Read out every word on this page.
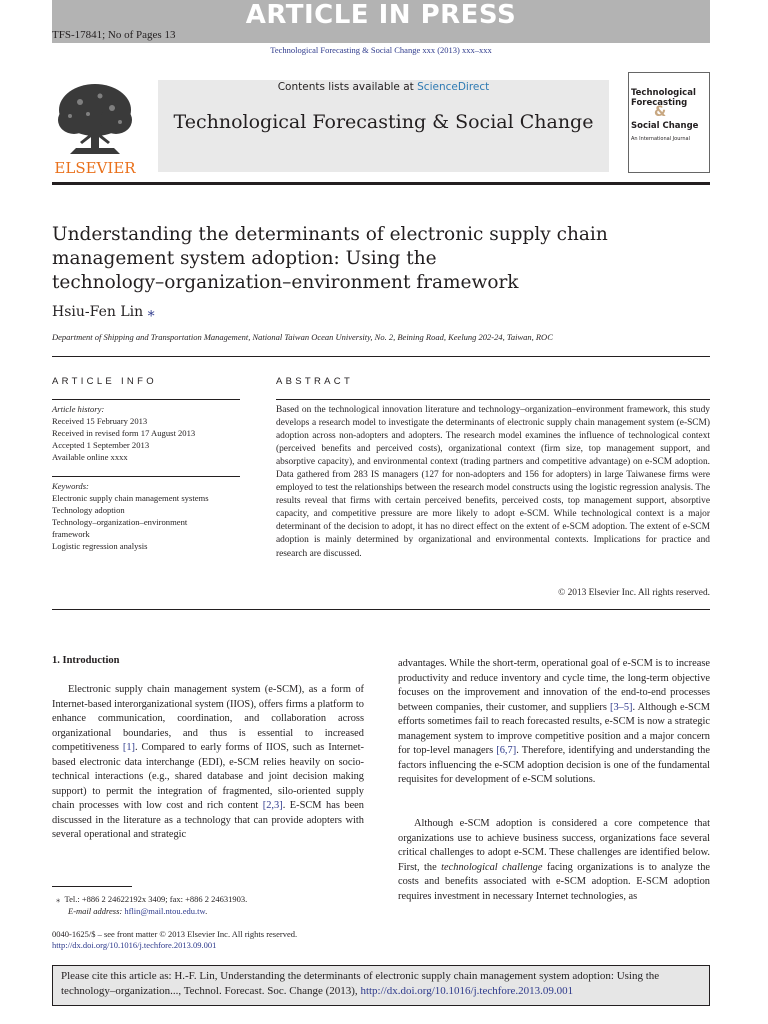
ARTICLE IN PRESS
TFS-17841; No of Pages 13
Technological Forecasting & Social Change xxx (2013) xxx–xxx
ELSEVIER
Contents lists available at ScienceDirect
Technological Forecasting & Social Change
Technological
Forecasting
&
Social Change
An International Journal
Understanding the determinants of electronic supply chain
management system adoption: Using the
technology–organization–environment framework
Hsiu-Fen Lin ⁎
Department of Shipping and Transportation Management, National Taiwan Ocean University, No. 2, Beining Road, Keelung 202-24, Taiwan, ROC
ARTICLE INFO
Article history:
Received 15 February 2013
Received in revised form 17 August 2013
Accepted 1 September 2013
Available online xxxx
Keywords:
Electronic supply chain management systems
Technology adoption
Technology–organization–environment
framework
Logistic regression analysis
ABSTRACT
Based on the technological innovation literature and technology–organization–environment framework, this study develops a research model to investigate the determinants of electronic supply chain management system (e-SCM) adoption across non-adopters and adopters. The research model examines the influence of technological context (perceived benefits and perceived costs), organizational context (firm size, top management support, and absorptive capacity), and environmental context (trading partners and competitive advantage) on e-SCM adoption. Data gathered from 283 IS managers (127 for non-adopters and 156 for adopters) in large Taiwanese firms were employed to test the relationships between the research model constructs using the logistic regression analysis. The results reveal that firms with certain perceived benefits, perceived costs, top management support, absorptive capacity, and competitive pressure are more likely to adopt e-SCM. While technological context is a major determinant of the decision to adopt, it has no direct effect on the extent of e-SCM adoption. The extent of e-SCM adoption is mainly determined by organizational and environmental contexts. Implications for practice and research are discussed.
© 2013 Elsevier Inc. All rights reserved.
1. Introduction
Electronic supply chain management system (e-SCM), as a form of Internet-based interorganizational system (IIOS), offers firms a platform to enhance communication, coordination, and collaboration across organizational boundaries, and thus is essential to increased competitiveness [1]. Compared to early forms of IIOS, such as Internet-based electronic data interchange (EDI), e-SCM relies heavily on socio-technical interactions (e.g., shared database and joint decision making support) to permit the integration of fragmented, silo-oriented supply chain processes with low cost and rich content [2,3]. E-SCM has been discussed in the literature as a technology that can provide adopters with several operational and strategic
advantages. While the short-term, operational goal of e-SCM is to increase productivity and reduce inventory and cycle time, the long-term objective focuses on the improvement and innovation of the end-to-end processes between companies, their customer, and suppliers [3–5]. Although e-SCM efforts sometimes fail to reach forecasted results, e-SCM is now a strategic management system to improve competitive position and a major concern for top-level managers [6,7]. Therefore, identifying and understanding the factors influencing the e-SCM adoption decision is one of the fundamental requisites for development of e-SCM solutions.
Although e-SCM adoption is considered a core competence that organizations use to achieve business success, organizations face several critical challenges to adopt e-SCM. These challenges are identified below. First, the technological challenge facing organizations is to analyze the costs and benefits associated with e-SCM adoption. E-SCM adoption requires investment in necessary Internet technologies, as
⁎ Tel.: +886 2 24622192x 3409; fax: +886 2 24631903.
E-mail address: hflin@mail.ntou.edu.tw.
0040-1625/$ – see front matter © 2013 Elsevier Inc. All rights reserved.
http://dx.doi.org/10.1016/j.techfore.2013.09.001
Please cite this article as: H.-F. Lin, Understanding the determinants of electronic supply chain management system adoption: Using the technology–organization..., Technol. Forecast. Soc. Change (2013), http://dx.doi.org/10.1016/j.techfore.2013.09.001
